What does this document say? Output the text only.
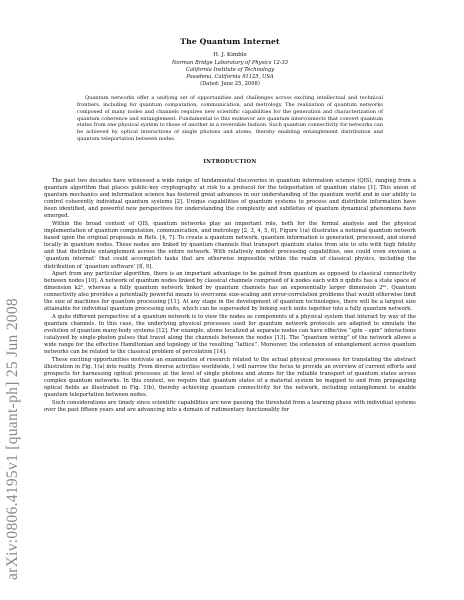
arXiv:0806.4195v1 [quant-ph] 25 Jun 2008
The Quantum Internet
H. J. Kimble
Norman Bridge Laboratory of Physics 12-33
California Institute of Technology
Pasadena, California 91125, USA
(Dated: June 25, 2008)

Quantum networks offer a unifying set of opportunities and challenges across exciting intellectual and technical frontiers, including for quantum computation, communication, and metrology. The realization of quantum networks composed of many nodes and channels requires new scientific capabilities for the generation and characterization of quantum coherence and entanglement. Fundamental to this endeavor are quantum interconnects that convert quantum states from one physical system to those of another in a reversible fashion. Such quantum connectivity for networks can be achieved by optical interactions of single photons and atoms, thereby enabling entanglement distribution and quantum teleportation between nodes.

INTRODUCTION

The past two decades have witnessed a wide range of fundamental discoveries in quantum information science (QIS), ranging from a quantum algorithm that places public-key cryptography at risk to a protocol for the teleportation of quantum states [1]. This union of quantum mechanics and information science has fostered great advances in our understanding of the quantum world and in our ability to control coherently individual quantum systems [2]. Unique capabilities of quantum systems to process and distribute information have been identified, and powerful new perspectives for understanding the complexity and subtleties of quantum dynamical phenomena have emerged.

Within the broad context of QIS, quantum networks play an important role, both for the formal analysis and the physical implementation of quantum computation, communication, and metrology [2, 3, 4, 5, 6]. Figure 1(a) illustrates a notional quantum network based upon the original proposals in Refs. [4, 7]. To create a quantum network, quantum information is generated, processed, and stored locally in quantum nodes. These nodes are linked by quantum channels that transport quantum states from site to site with high fidelity and that distribute entanglement across the entire network. With relatively modest processing capabilities, one could even envision a ‘quantum internet’ that could accomplish tasks that are otherwise impossible within the realm of classical physics, including the distribution of ‘quantum software’ [8, 9].

Apart from any particular algorithm, there is an important advantage to be gained from quantum as opposed to classical connectivity between nodes [10]. A network of quantum nodes linked by classical channels comprised of k nodes each with n qubits has a state space of dimension k2ⁿ, whereas a fully quantum network linked by quantum channels has an exponentially larger dimension 2ᵏⁿ. Quantum connectivity also provides a potentially powerful means to overcome size-scaling and error-correlation problems that would otherwise limit the size of machines for quantum processing [11]. At any stage in the development of quantum technologies, there will be a largest size attainable for individual quantum processing units, which can be superseded by linking such units together into a fully quantum network.

A quite different perspective of a quantum network is to view the nodes as components of a physical system that interact by way of the quantum channels. In this case, the underlying physical processes used for quantum network protocols are adapted to simulate the evolution of quantum many-body systems [12]. For example, atoms localized at separate nodes can have effective “spin – spin” interactions catalyzed by single-photon pulses that travel along the channels between the nodes [13]. The “quantum wiring” of the network allows a wide range for the effective Hamiltonian and topology of the resulting “lattice”. Moreover, the extension of entanglement across quantum networks can be related to the classical problem of percolation [14].

These exciting opportunities motivate an examination of research related to the actual physical processes for translating the abstract illustration in Fig. 1(a) into reality. From diverse activities worldwide, I will narrow the focus to provide an overview of current efforts and prospects for harnessing optical processes at the level of single photons and atoms for the reliable transport of quantum states across complex quantum networks. In this context, we require that quantum states of a material system be mapped to and from propagating optical fields as illustrated in Fig. 1(b), thereby achieving quantum connectivity for the network, including entanglement to enable quantum teleportation between nodes.

Such considerations are timely since scientific capabilities are now passing the threshold from a learning phase with individual systems over the past fifteen years and are advancing into a domain of rudimentary functionality for
